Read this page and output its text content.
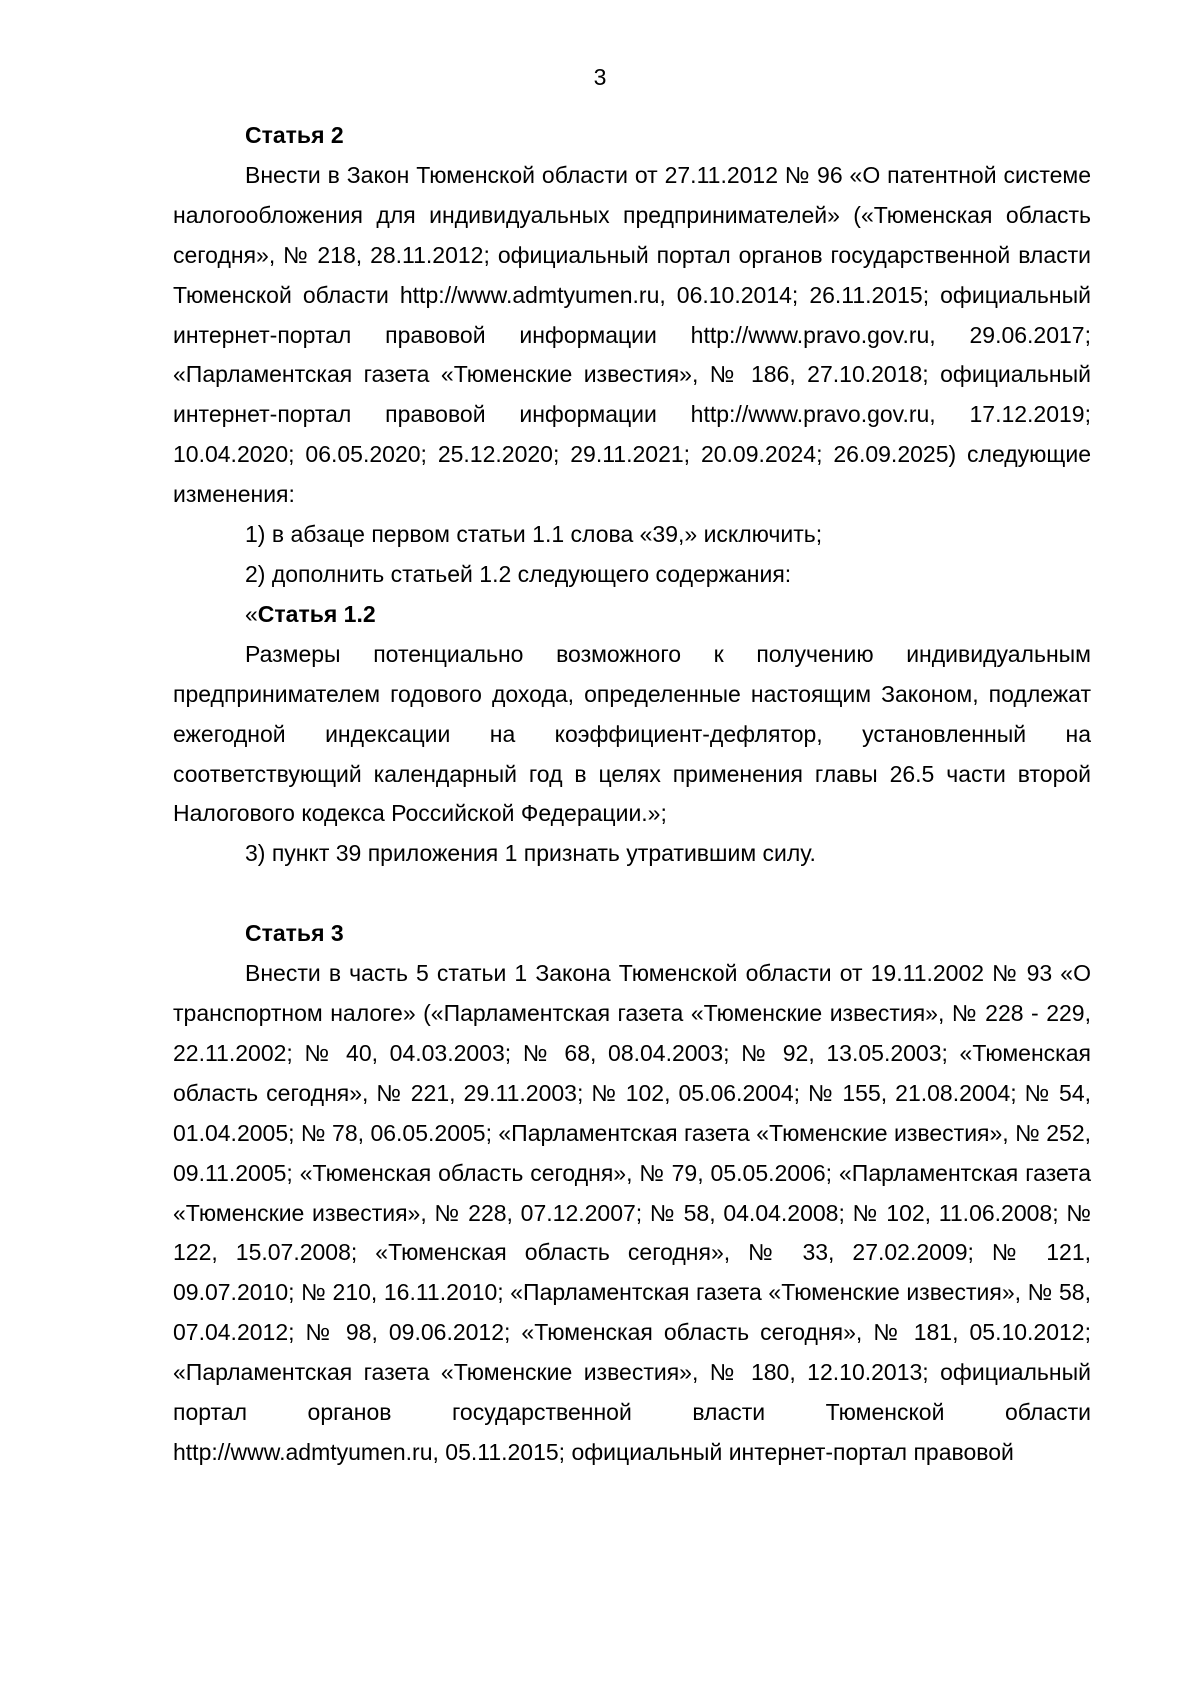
3

Статья 2

Внести в Закон Тюменской области от 27.11.2012 № 96 «О патентной системе налогообложения для индивидуальных предпринимателей» («Тюменская область сегодня», № 218, 28.11.2012; официальный портал органов государственной власти Тюменской области http://www.admtyumen.ru, 06.10.2014; 26.11.2015; официальный интернет-портал правовой информации http://www.pravo.gov.ru, 29.06.2017; «Парламентская газета «Тюменские известия», № 186, 27.10.2018; официальный интернет-портал правовой информации http://www.pravo.gov.ru, 17.12.2019; 10.04.2020; 06.05.2020; 25.12.2020; 29.11.2021; 20.09.2024; 26.09.2025) следующие изменения:

1) в абзаце первом статьи 1.1 слова «39,» исключить;

2) дополнить статьей 1.2 следующего содержания:

«Статья 1.2

Размеры потенциально возможного к получению индивидуальным предпринимателем годового дохода, определенные настоящим Законом, подлежат ежегодной индексации на коэффициент-дефлятор, установленный на соответствующий календарный год в целях применения главы 26.5 части второй Налогового кодекса Российской Федерации.»;

3) пункт 39 приложения 1 признать утратившим силу.

Статья 3

Внести в часть 5 статьи 1 Закона Тюменской области от 19.11.2002 № 93 «О транспортном налоге» («Парламентская газета «Тюменские известия», № 228 - 229, 22.11.2002; № 40, 04.03.2003; № 68, 08.04.2003; № 92, 13.05.2003; «Тюменская область сегодня», № 221, 29.11.2003; № 102, 05.06.2004; № 155, 21.08.2004; № 54, 01.04.2005; № 78, 06.05.2005; «Парламентская газета «Тюменские известия», № 252, 09.11.2005; «Тюменская область сегодня», № 79, 05.05.2006; «Парламентская газета «Тюменские известия», № 228, 07.12.2007; № 58, 04.04.2008; № 102, 11.06.2008; № 122, 15.07.2008; «Тюменская область сегодня», № 33, 27.02.2009; № 121, 09.07.2010; № 210, 16.11.2010; «Парламентская газета «Тюменские известия», № 58, 07.04.2012; № 98, 09.06.2012; «Тюменская область сегодня», № 181, 05.10.2012; «Парламентская газета «Тюменские известия», № 180, 12.10.2013; официальный портал органов государственной власти Тюменской области http://www.admtyumen.ru, 05.11.2015; официальный интернет-портал правовой
